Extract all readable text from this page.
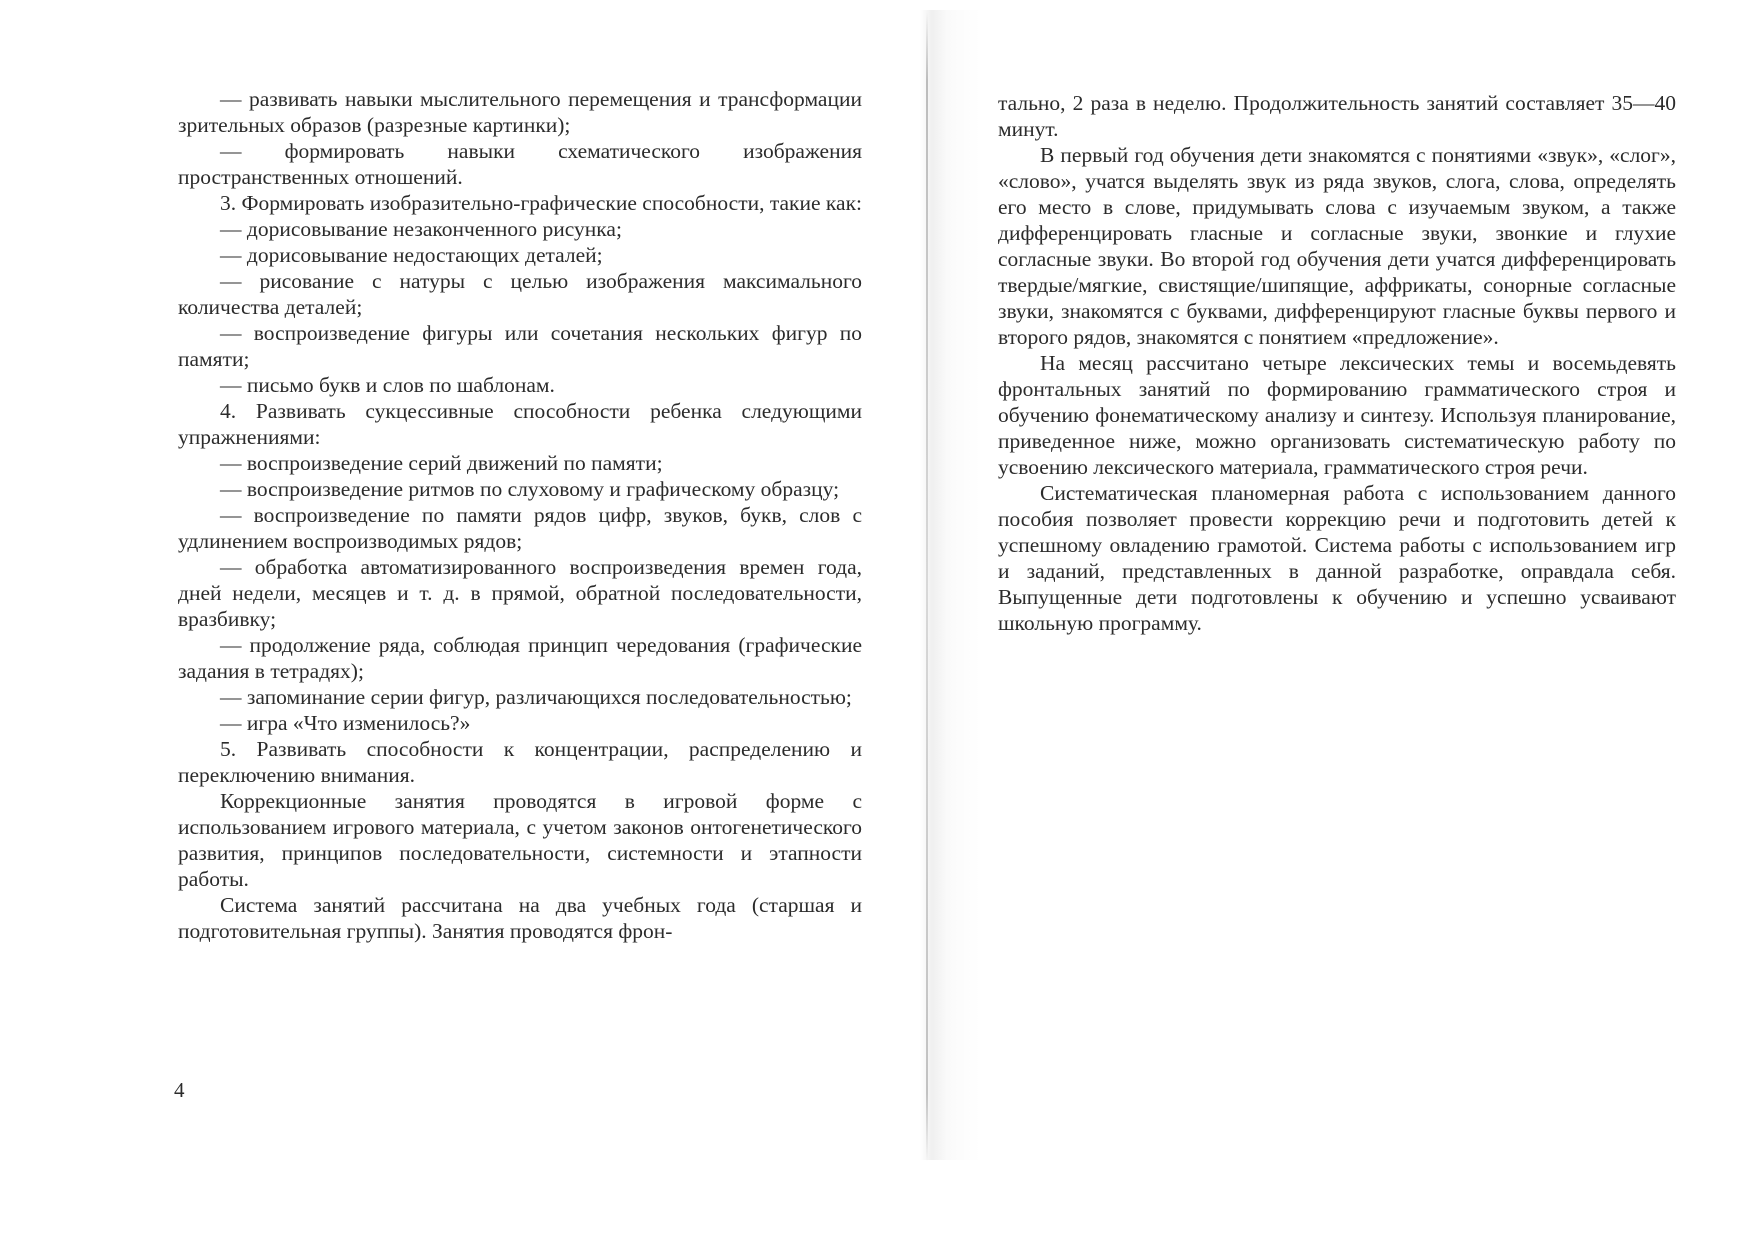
— развивать навыки мыслительного перемещения и трансформации зрительных образов (разрезные картинки);

— формировать навыки схематического изображения пространственных отношений.

3. Формировать изобразительно-графические способности, такие как:

— дорисовывание незаконченного рисунка;

— дорисовывание недостающих деталей;

— рисование с натуры с целью изображения максимального количества деталей;

— воспроизведение фигуры или сочетания нескольких фигур по памяти;

— письмо букв и слов по шаблонам.

4. Развивать сукцессивные способности ребенка следующими упражнениями:

— воспроизведение серий движений по памяти;

— воспроизведение ритмов по слуховому и графическому образцу;

— воспроизведение по памяти рядов цифр, звуков, букв, слов с удлинением воспроизводимых рядов;

— обработка автоматизированного воспроизведения времен года, дней недели, месяцев и т. д. в прямой, обратной последовательности, вразбивку;

— продолжение ряда, соблюдая принцип чередования (графические задания в тетрадях);

— запоминание серии фигур, различающихся последовательностью;

— игра «Что изменилось?»

5. Развивать способности к концентрации, распределению и переключению внимания.

Коррекционные занятия проводятся в игровой форме с использованием игрового материала, с учетом законов онтогенетического развития, принципов последовательности, системности и этапности работы.

Система занятий рассчитана на два учебных года (старшая и подготовительная группы). Занятия проводятся фрон-

4

тально, 2 раза в неделю. Продолжительность занятий составляет 35—40 минут.

В первый год обучения дети знакомятся с понятиями «звук», «слог», «слово», учатся выделять звук из ряда звуков, слога, слова, определять его место в слове, придумывать слова с изучаемым звуком, а также дифференцировать гласные и согласные звуки, звонкие и глухие согласные звуки. Во второй год обучения дети учатся дифференцировать твердые/мягкие, свистящие/шипящие, аффрикаты, сонорные согласные звуки, знакомятся с буквами, дифференцируют гласные буквы первого и второго рядов, знакомятся с понятием «предложение».

На месяц рассчитано четыре лексических темы и восемьдевять фронтальных занятий по формированию грамматического строя и обучению фонематическому анализу и синтезу. Используя планирование, приведенное ниже, можно организовать систематическую работу по усвоению лексического материала, грамматического строя речи.

Систематическая планомерная работа с использованием данного пособия позволяет провести коррекцию речи и подготовить детей к успешному овладению грамотой. Система работы с использованием игр и заданий, представленных в данной разработке, оправдала себя. Выпущенные дети подготовлены к обучению и успешно усваивают школьную программу.
